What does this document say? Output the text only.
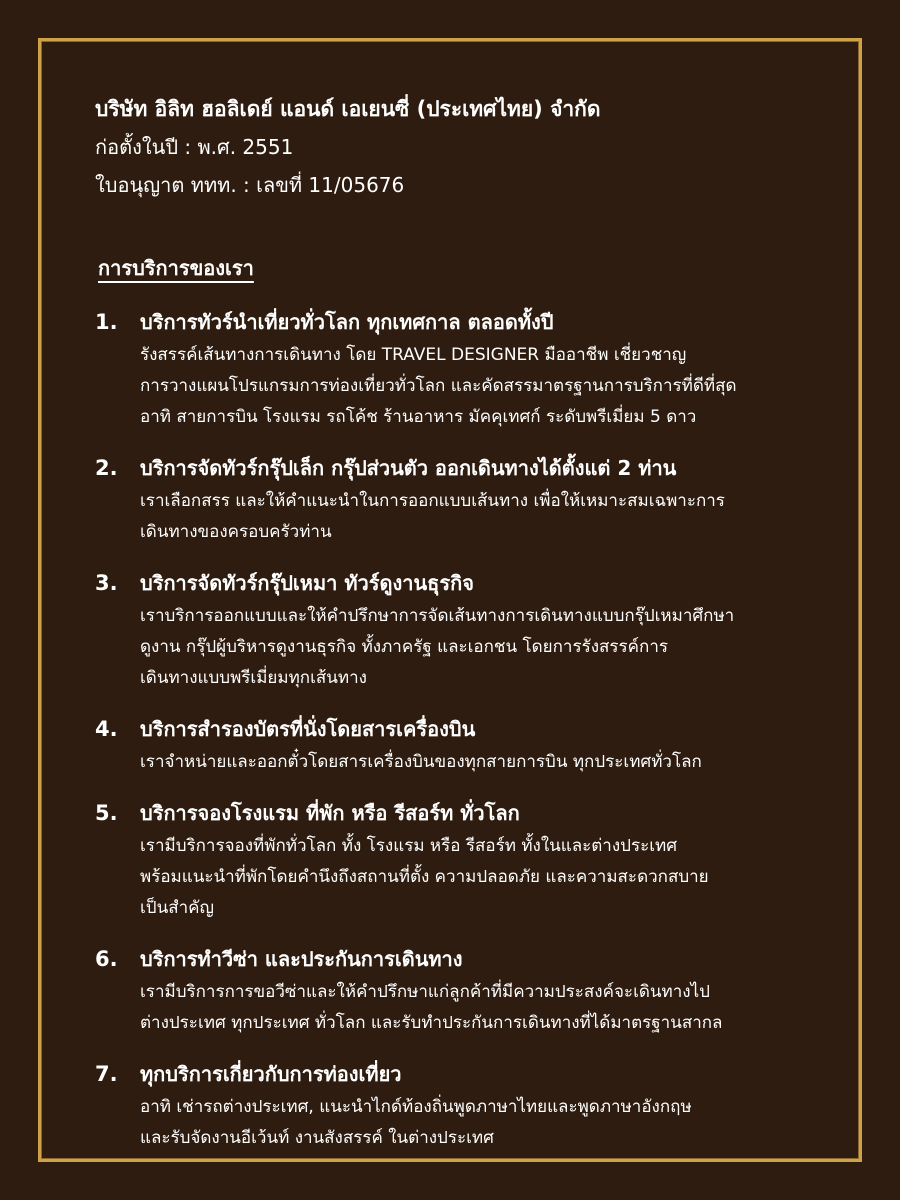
บริษัท อิลิท ฮอลิเดย์ แอนด์ เอเยนซี่ (ประเทศไทย) จำกัด
ก่อตั้งในปี : พ.ศ. 2551
ใบอนุญาต ททท. : เลขที่ 11/05676
การบริการของเรา
1. บริการทัวร์นำเที่ยวทั่วโลก ทุกเทศกาล ตลอดทั้งปี
รังสรรค์เส้นทางการเดินทาง โดย TRAVEL DESIGNER มืออาชีพ เชี่ยวชาญ
การวางแผนโปรแกรมการท่องเที่ยวทั่วโลก และคัดสรรมาตรฐานการบริการที่ดีที่สุด
อาทิ สายการบิน โรงแรม รถโค้ช ร้านอาหาร มัคคุเทศก์ ระดับพรีเมี่ยม 5 ดาว
2. บริการจัดทัวร์กรุ๊ปเล็ก กรุ๊ปส่วนตัว ออกเดินทางได้ตั้งแต่ 2 ท่าน
เราเลือกสรร และให้คำแนะนำในการออกแบบเส้นทาง เพื่อให้เหมาะสมเฉพาะการ
เดินทางของครอบครัวท่าน
3. บริการจัดทัวร์กรุ๊ปเหมา ทัวร์ดูงานธุรกิจ
เราบริการออกแบบและให้คำปรึกษาการจัดเส้นทางการเดินทางแบบกรุ๊ปเหมาศึกษา
ดูงาน กรุ๊ปผู้บริหารดูงานธุรกิจ ทั้งภาครัฐ และเอกชน โดยการรังสรรค์การ
เดินทางแบบพรีเมี่ยมทุกเส้นทาง
4. บริการสำรองบัตรที่นั่งโดยสารเครื่องบิน
เราจำหน่ายและออกตั๋วโดยสารเครื่องบินของทุกสายการบิน ทุกประเทศทั่วโลก
5. บริการจองโรงแรม ที่พัก หรือ รีสอร์ท ทั่วโลก
เรามีบริการจองที่พักทั่วโลก ทั้ง โรงแรม หรือ รีสอร์ท ทั้งในและต่างประเทศ
พร้อมแนะนำที่พักโดยคำนึงถึงสถานที่ตั้ง ความปลอดภัย และความสะดวกสบาย
เป็นสำคัญ
6. บริการทำวีซ่า และประกันการเดินทาง
เรามีบริการการขอวีซ่าและให้คำปรึกษาแก่ลูกค้าที่มีความประสงค์จะเดินทางไป
ต่างประเทศ ทุกประเทศ ทั่วโลก และรับทำประกันการเดินทางที่ได้มาตรฐานสากล
7. ทุกบริการเกี่ยวกับการท่องเที่ยว
อาทิ เช่ารถต่างประเทศ, แนะนำไกด์ท้องถิ่นพูดภาษาไทยและพูดภาษาอังกฤษ
และรับจัดงานอีเว้นท์ งานสังสรรค์ ในต่างประเทศ
